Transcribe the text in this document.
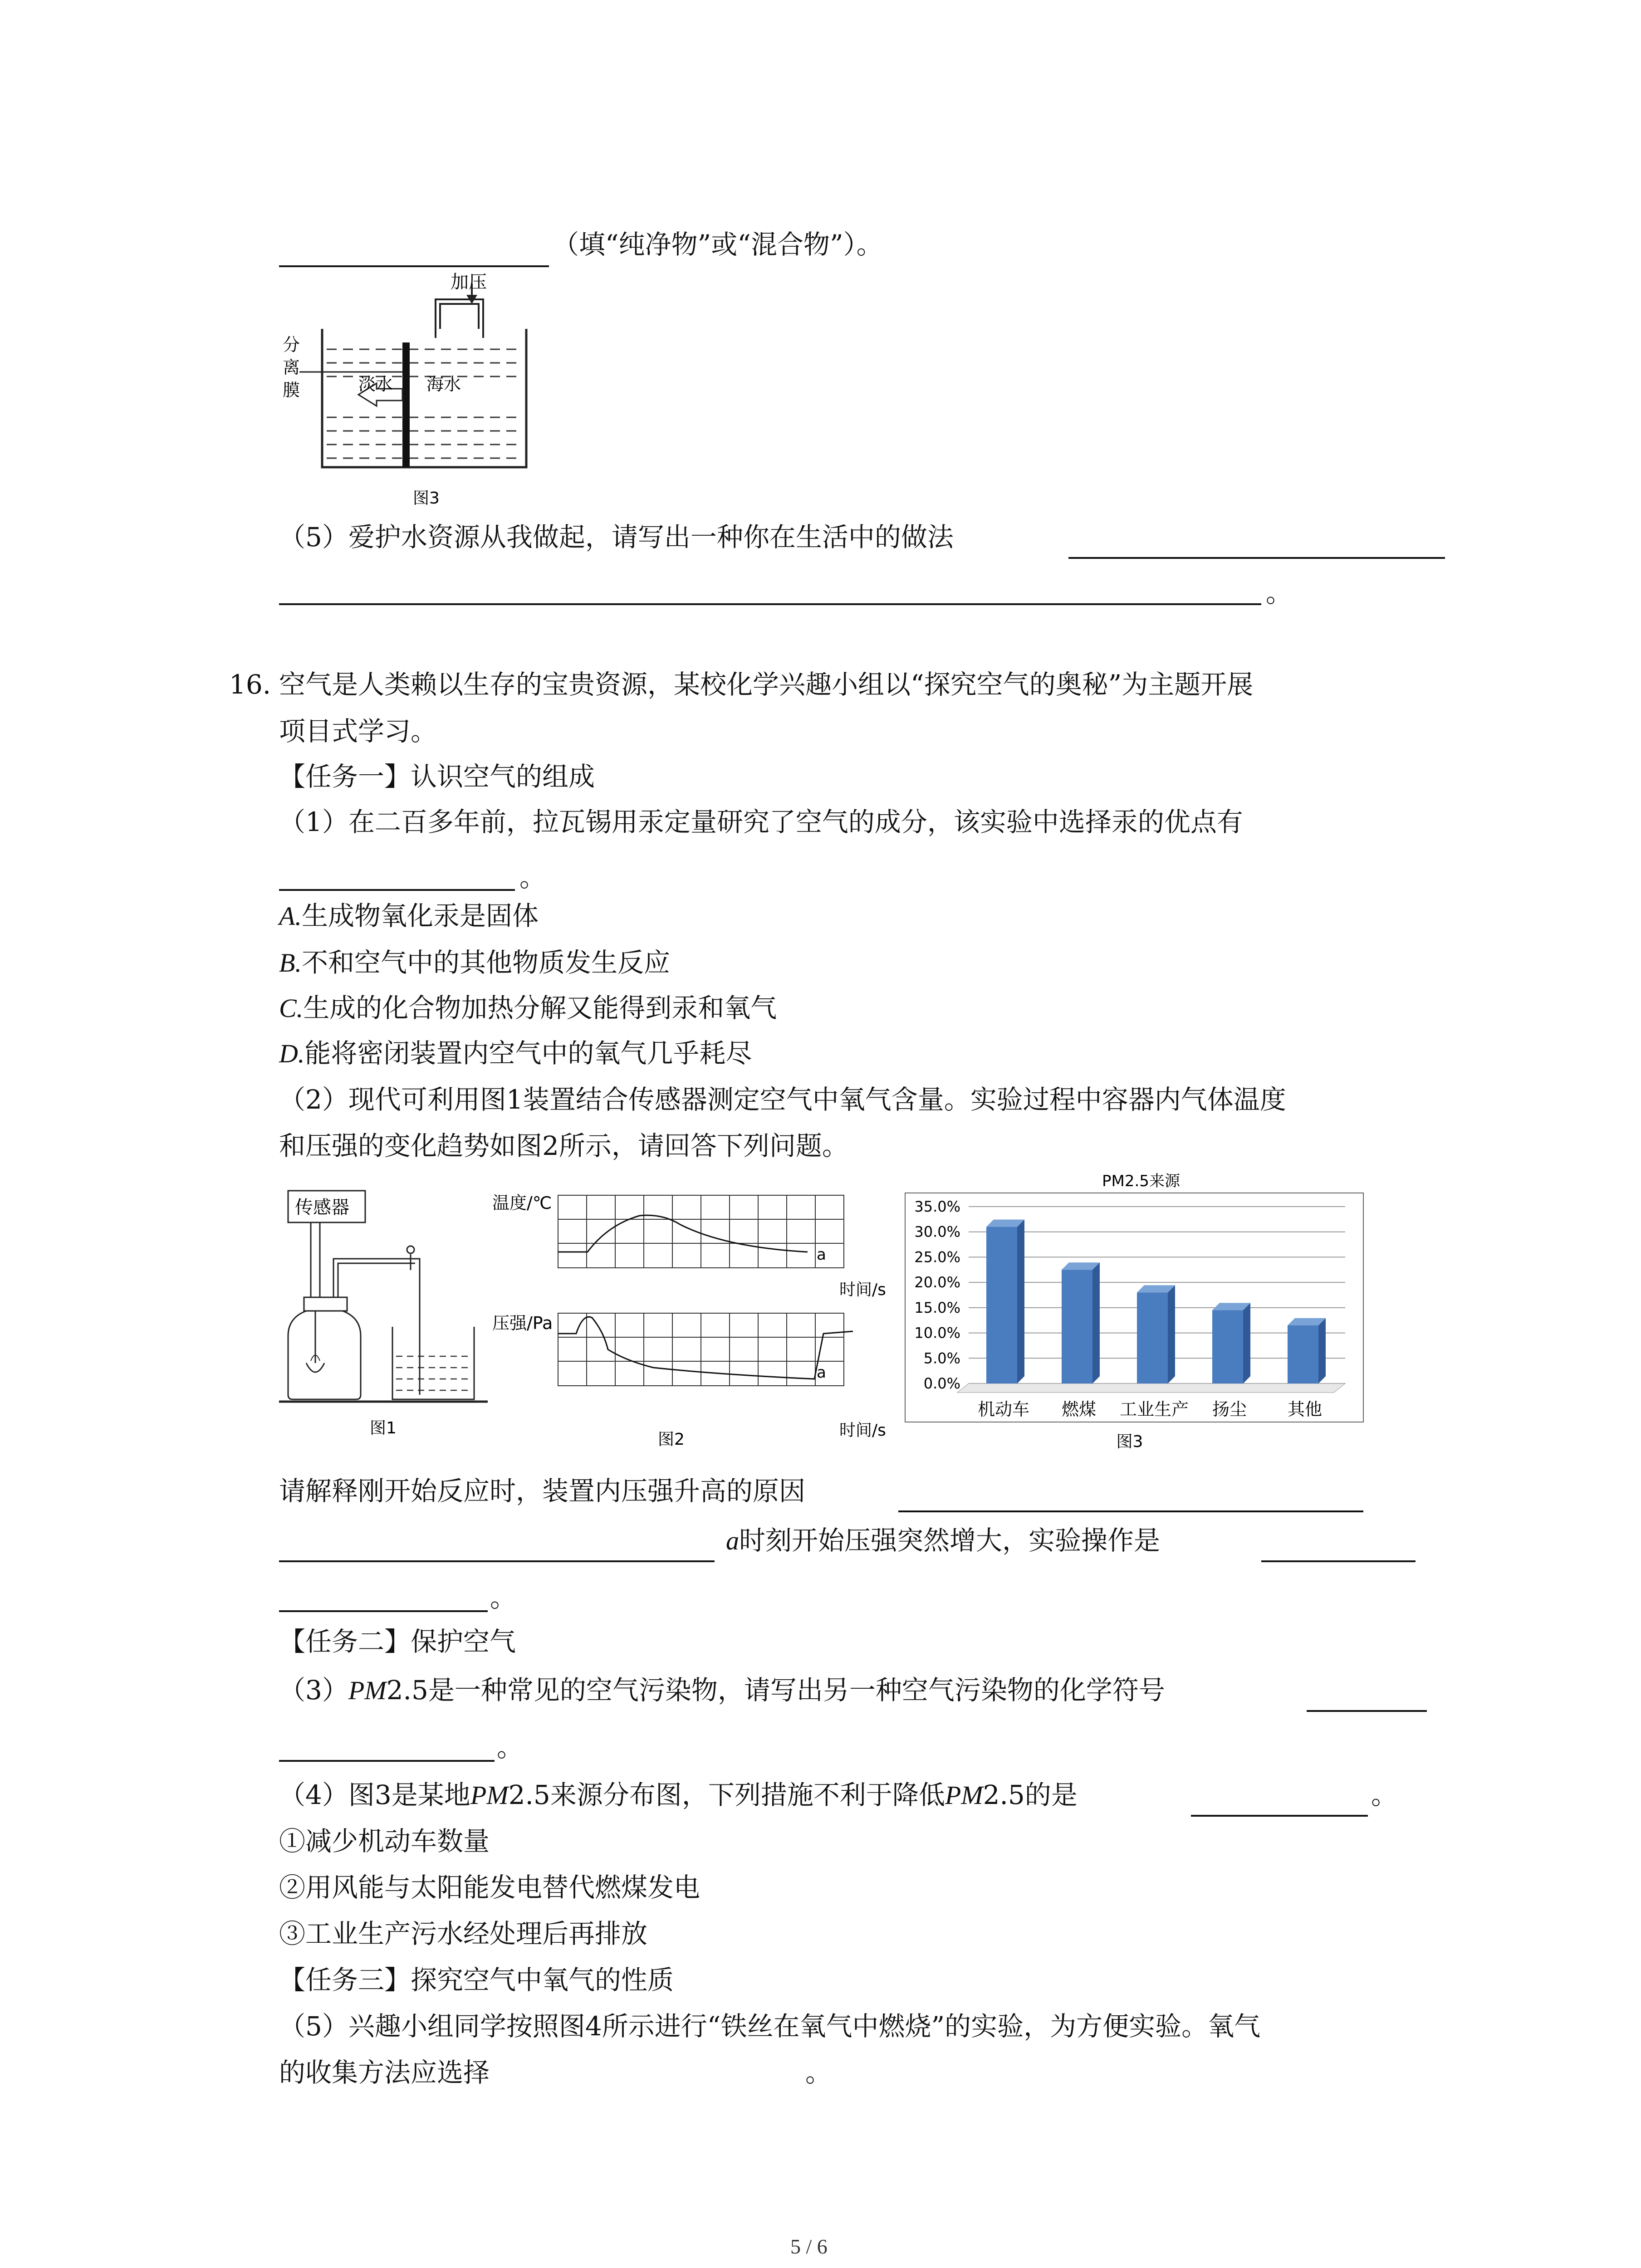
（填“纯净物”或“混合物”）。
加压
分
离
膜	淡水 海水
图3
（5）爱护水资源从我做起，请写出一种你在生活中的做法
。
16. 空气是人类赖以生存的宝贵资源，某校化学兴趣小组以“探究空气的奥秘”为主题开展
项目式学习。
【任务一】认识空气的组成
（1）在二百多年前，拉瓦锡用汞定量研究了空气的成分，该实验中选择汞的优点有
。
A.生成物氧化汞是固体
B.不和空气中的其他物质发生反应
C.生成的化合物加热分解又能得到汞和氧气
D.能将密闭装置内空气中的氧气几乎耗尽
（2）现代可利用图1装置结合传感器测定空气中氧气含量。实验过程中容器内气体温度
和压强的变化趋势如图2所示，请回答下列问题。
传感器
图1
温度/℃
a
时间/s
压强/Pa
a
时间/s
图2
PM2.5来源
0.0%
5.0%
10.0%
15.0%
20.0%
25.0%
30.0%
35.0%
机动车 燃煤 工业生产 扬尘 其他
图3
请解释刚开始反应时，装置内压强升高的原因
a时刻开始压强突然增大，实验操作是
。
【任务二】保护空气
（3）PM2.5是一种常见的空气污染物，请写出另一种空气污染物的化学符号
。
（4）图3是某地PM2.5来源分布图，下列措施不利于降低PM2.5的是	。
①减少机动车数量
②用风能与太阳能发电替代燃煤发电
③工业生产污水经处理后再排放
【任务三】探究空气中氧气的性质
（5）兴趣小组同学按照图4所示进行“铁丝在氧气中燃烧”的实验，为方便实验。氧气
的收集方法应选择	。
5 / 6
